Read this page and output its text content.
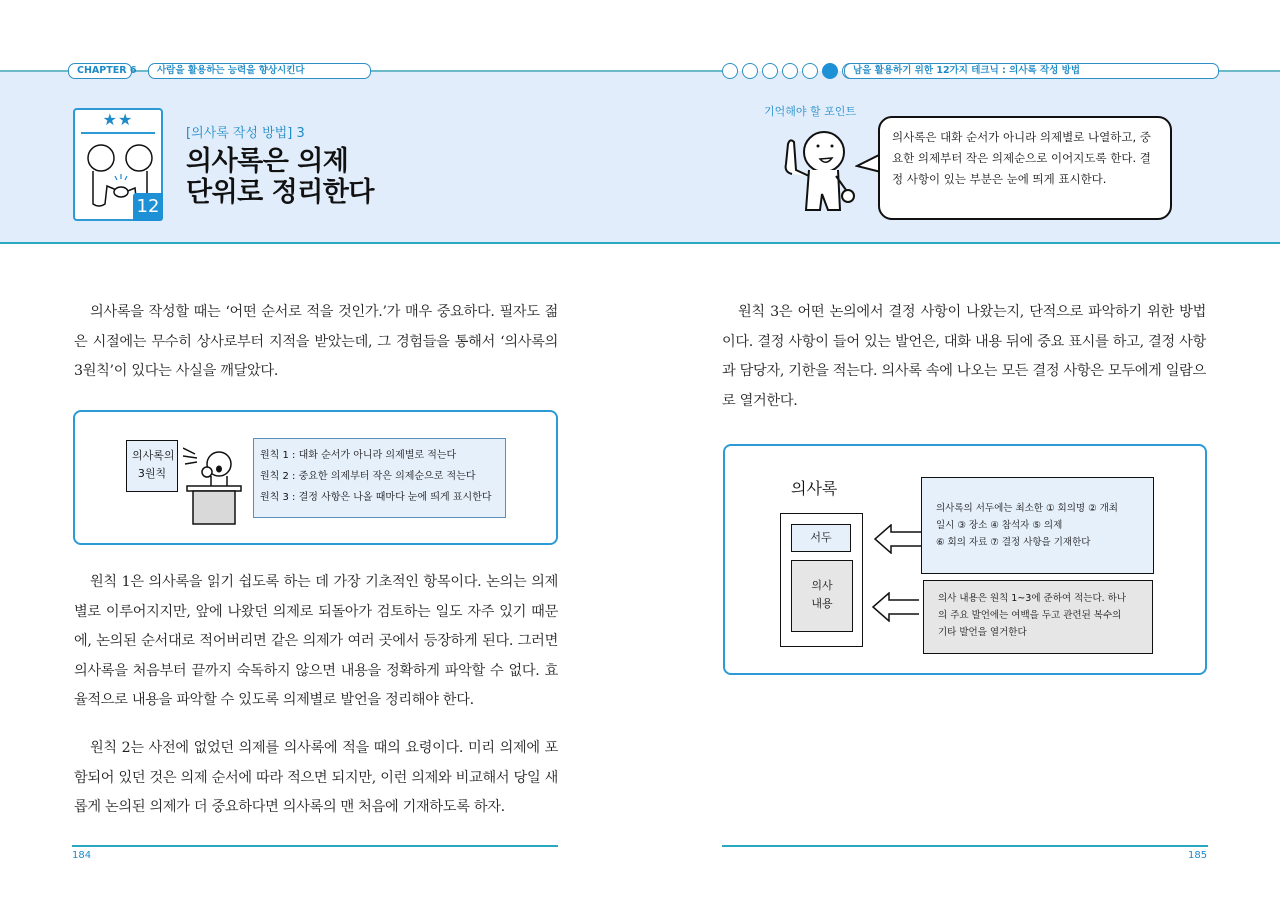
CHAPTER 6	사람을 활용하는 능력을 향상시킨다	남을 활용하기 위한 12가지 테크닉 : 의사록 작성 방법
★★
12
[의사록 작성 방법] 3
의사록은 의제
단위로 정리한다
기억해야 할 포인트
의사록은 대화 순서가 아니라 의제별로 나열하고, 중요한 의제부터 작은 의제순으로 이어지도록 한다. 결정 사항이 있는 부분은 눈에 띄게 표시한다.
의사록을 작성할 때는 ‘어떤 순서로 적을 것인가.’가 매우 중요하다. 필자도 젊은 시절에는 무수히 상사로부터 지적을 받았는데, 그 경험들을 통해서 ‘의사록의 3원칙’이 있다는 사실을 깨달았다.
의사록의 3원칙
원칙 1 : 대화 순서가 아니라 의제별로 적는다
원칙 2 : 중요한 의제부터 작은 의제순으로 적는다
원칙 3 : 결정 사항은 나올 때마다 눈에 띄게 표시한다
원칙 1은 의사록을 읽기 쉽도록 하는 데 가장 기초적인 항목이다. 논의는 의제별로 이루어지지만, 앞에 나왔던 의제로 되돌아가 검토하는 일도 자주 있기 때문에, 논의된 순서대로 적어버리면 같은 의제가 여러 곳에서 등장하게 된다. 그러면 의사록을 처음부터 끝까지 숙독하지 않으면 내용을 정확하게 파악할 수 없다. 효율적으로 내용을 파악할 수 있도록 의제별로 발언을 정리해야 한다.
원칙 2는 사전에 없었던 의제를 의사록에 적을 때의 요령이다. 미리 의제에 포함되어 있던 것은 의제 순서에 따라 적으면 되지만, 이런 의제와 비교해서 당일 새롭게 논의된 의제가 더 중요하다면 의사록의 맨 처음에 기재하도록 하자.
184
원칙 3은 어떤 논의에서 결정 사항이 나왔는지, 단적으로 파악하기 위한 방법이다. 결정 사항이 들어 있는 발언은, 대화 내용 뒤에 중요 표시를 하고, 결정 사항과 담당자, 기한을 적는다. 의사록 속에 나오는 모든 결정 사항은 모두에게 일람으로 열거한다.
의사록
서두
의사
내용
의사록의 서두에는 최소한 ① 회의명 ② 개최
일시 ③ 장소 ④ 참석자 ⑤ 의제
⑥ 회의 자료 ⑦ 결정 사항을 기재한다
의사 내용은 원칙 1~3에 준하여 적는다. 하나
의 주요 발언에는 여백을 두고 관련된 복수의
기타 발언을 열거한다
185
